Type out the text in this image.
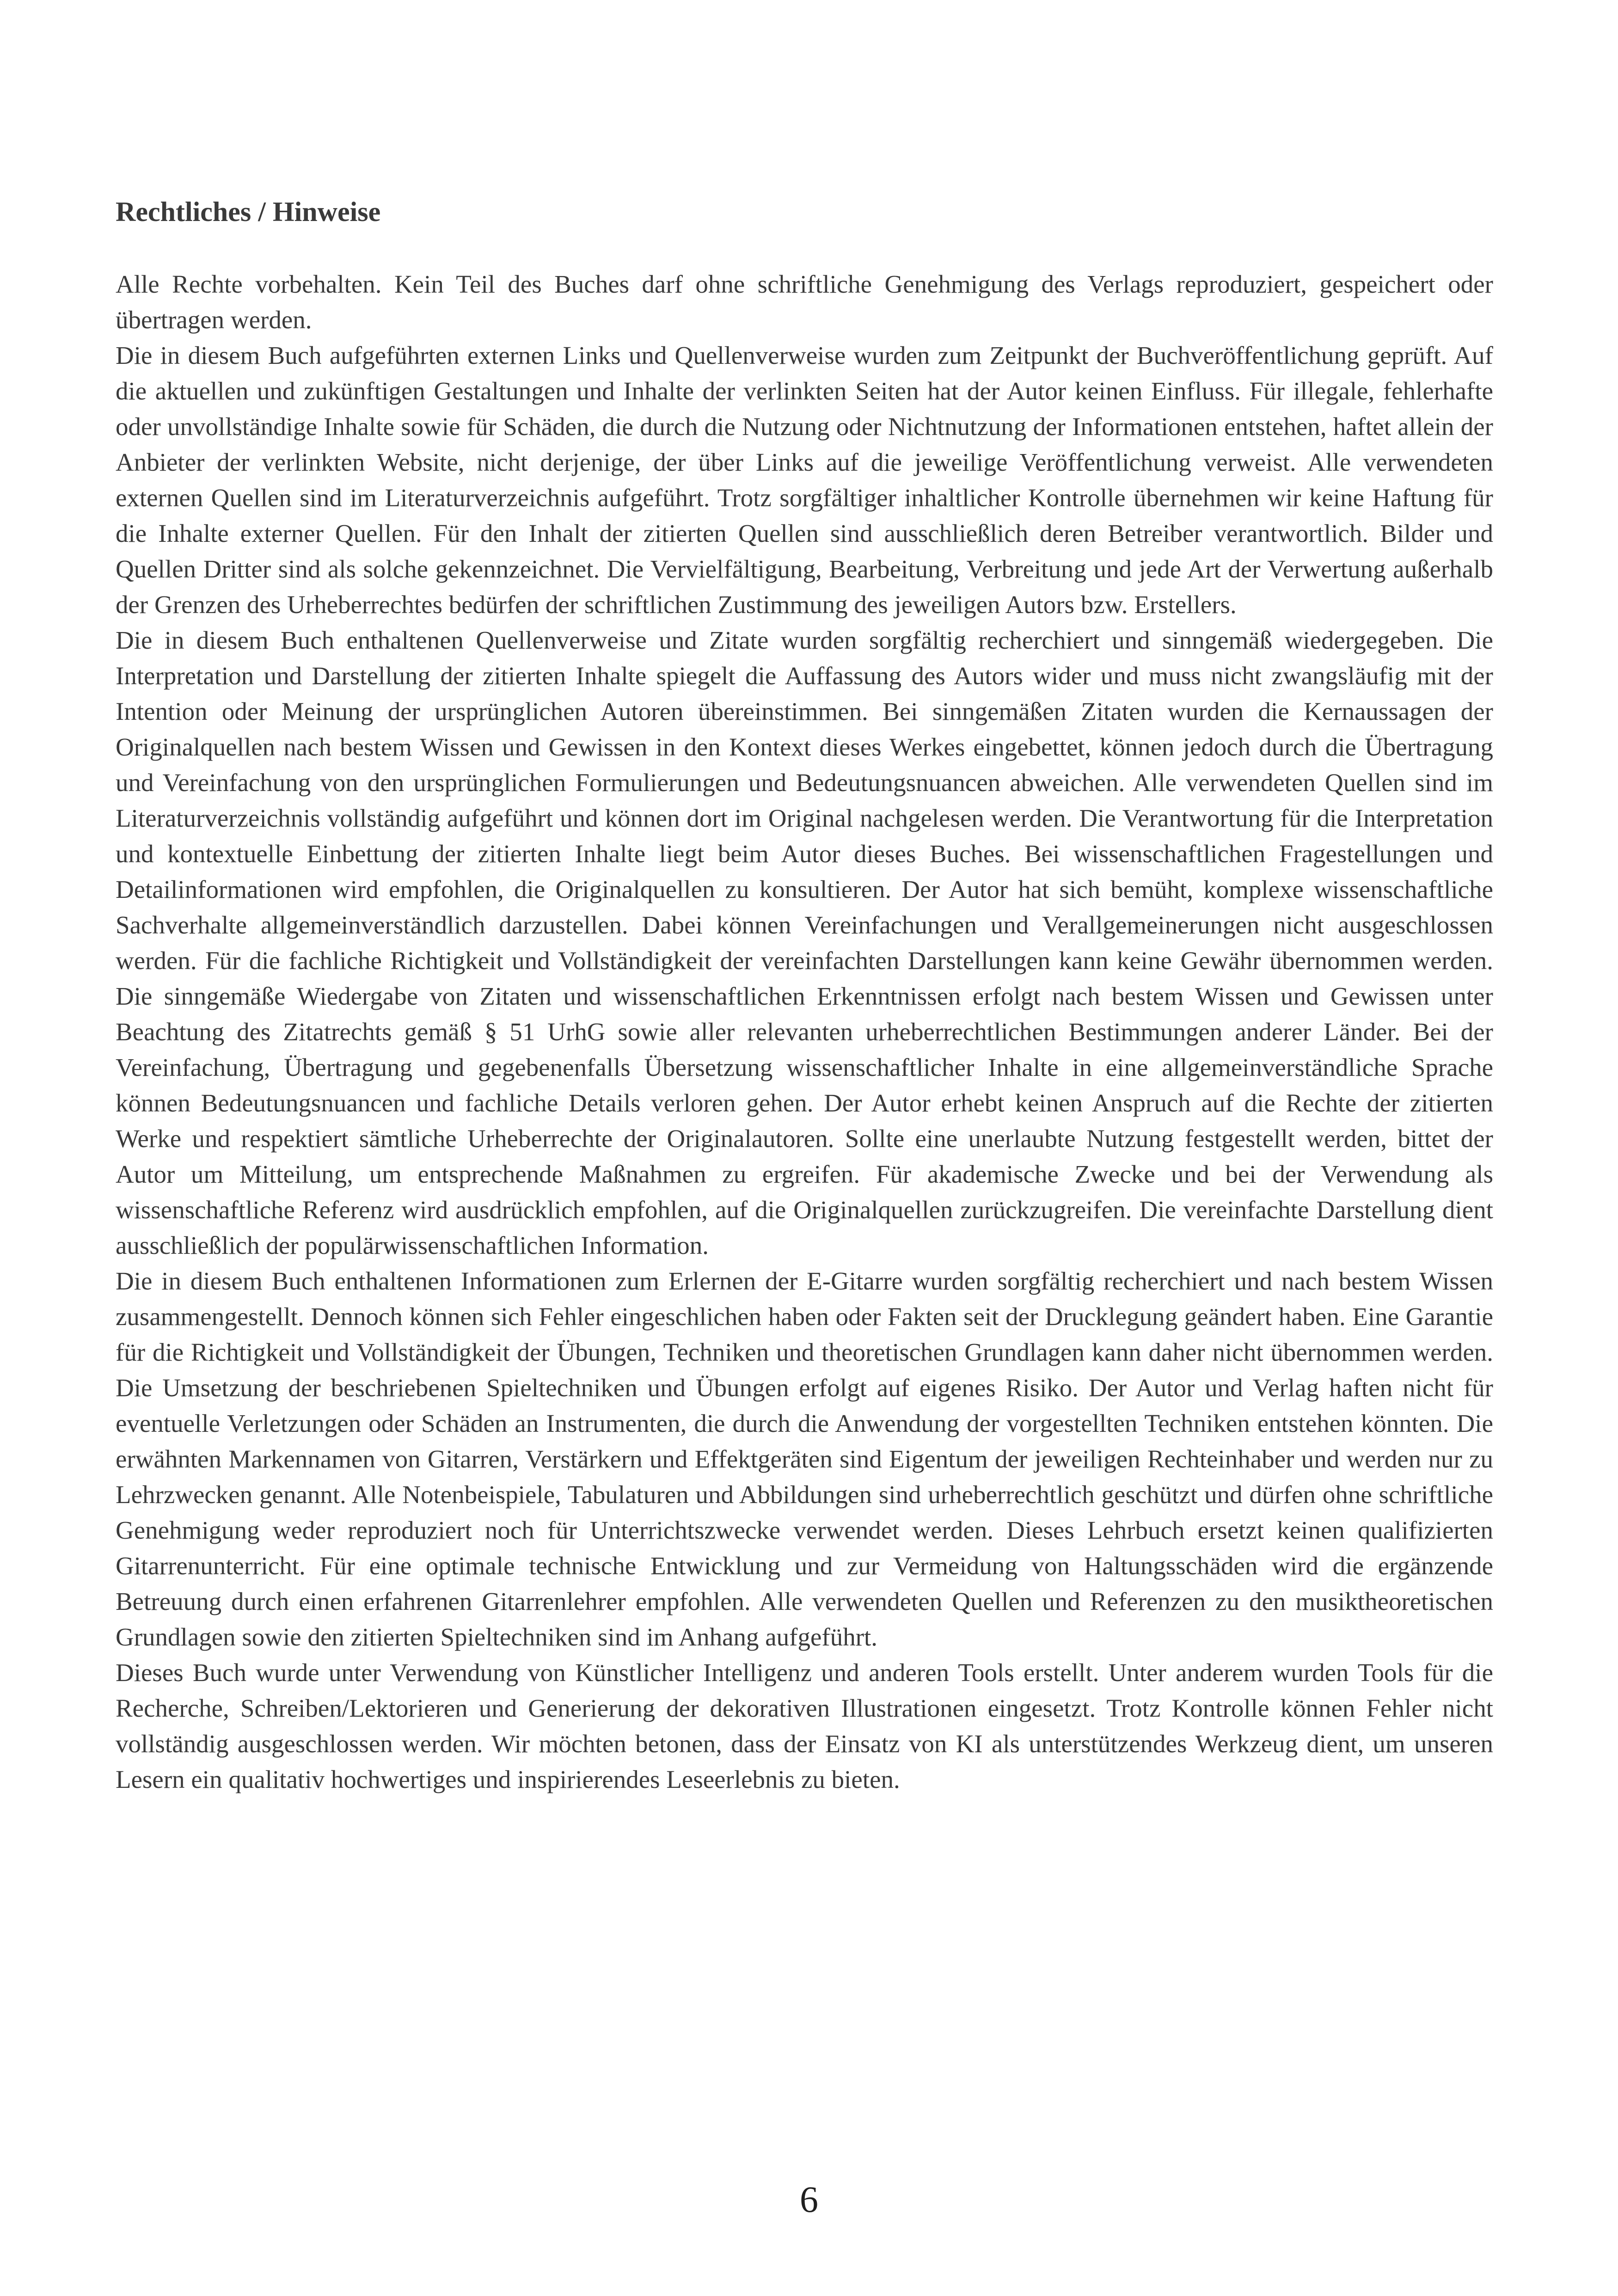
Rechtliches / Hinweise

Alle Rechte vorbehalten. Kein Teil des Buches darf ohne schriftliche Genehmigung des Verlags reproduziert, gespeichert oder übertragen werden.

Die in diesem Buch aufgeführten externen Links und Quellenverweise wurden zum Zeitpunkt der Buchveröffentlichung geprüft. Auf die aktuellen und zukünftigen Gestaltungen und Inhalte der verlinkten Seiten hat der Autor keinen Einfluss. Für illegale, fehlerhafte oder unvollständige Inhalte sowie für Schäden, die durch die Nutzung oder Nichtnutzung der Informationen entstehen, haftet allein der Anbieter der verlinkten Website, nicht derjenige, der über Links auf die jeweilige Veröffentlichung verweist. Alle verwendeten externen Quellen sind im Literaturverzeichnis aufgeführt. Trotz sorgfältiger inhaltlicher Kontrolle übernehmen wir keine Haftung für die Inhalte externer Quellen. Für den Inhalt der zitierten Quellen sind ausschließlich deren Betreiber verantwortlich. Bilder und Quellen Dritter sind als solche gekennzeichnet. Die Vervielfältigung, Bearbeitung, Verbreitung und jede Art der Verwertung außerhalb der Grenzen des Urheberrechtes bedürfen der schriftlichen Zustimmung des jeweiligen Autors bzw. Erstellers.

Die in diesem Buch enthaltenen Quellenverweise und Zitate wurden sorgfältig recherchiert und sinngemäß wiedergegeben. Die Interpretation und Darstellung der zitierten Inhalte spiegelt die Auffassung des Autors wider und muss nicht zwangsläufig mit der Intention oder Meinung der ursprünglichen Autoren übereinstimmen. Bei sinngemäßen Zitaten wurden die Kernaussagen der Originalquellen nach bestem Wissen und Gewissen in den Kontext dieses Werkes eingebettet, können jedoch durch die Übertragung und Vereinfachung von den ursprünglichen Formulierungen und Bedeutungsnuancen abweichen. Alle verwendeten Quellen sind im Literaturverzeichnis vollständig aufgeführt und können dort im Original nachgelesen werden. Die Verantwortung für die Interpretation und kontextuelle Einbettung der zitierten Inhalte liegt beim Autor dieses Buches. Bei wissenschaftlichen Fragestellungen und Detailinformationen wird empfohlen, die Originalquellen zu konsultieren. Der Autor hat sich bemüht, komplexe wissenschaftliche Sachverhalte allgemeinverständlich darzustellen. Dabei können Vereinfachungen und Verallgemeinerungen nicht ausgeschlossen werden. Für die fachliche Richtigkeit und Vollständigkeit der vereinfachten Darstellungen kann keine Gewähr übernommen werden. Die sinngemäße Wiedergabe von Zitaten und wissenschaftlichen Erkenntnissen erfolgt nach bestem Wissen und Gewissen unter Beachtung des Zitatrechts gemäß § 51 UrhG sowie aller relevanten urheberrechtlichen Bestimmungen anderer Länder. Bei der Vereinfachung, Übertragung und gegebenenfalls Übersetzung wissenschaftlicher Inhalte in eine allgemeinverständliche Sprache können Bedeutungsnuancen und fachliche Details verloren gehen. Der Autor erhebt keinen Anspruch auf die Rechte der zitierten Werke und respektiert sämtliche Urheberrechte der Originalautoren. Sollte eine unerlaubte Nutzung festgestellt werden, bittet der Autor um Mitteilung, um entsprechende Maßnahmen zu ergreifen. Für akademische Zwecke und bei der Verwendung als wissenschaftliche Referenz wird ausdrücklich empfohlen, auf die Originalquellen zurückzugreifen. Die vereinfachte Darstellung dient ausschließlich der populärwissenschaftlichen Information.

Die in diesem Buch enthaltenen Informationen zum Erlernen der E-Gitarre wurden sorgfältig recherchiert und nach bestem Wissen zusammengestellt. Dennoch können sich Fehler eingeschlichen haben oder Fakten seit der Drucklegung geändert haben. Eine Garantie für die Richtigkeit und Vollständigkeit der Übungen, Techniken und theoretischen Grundlagen kann daher nicht übernommen werden. Die Umsetzung der beschriebenen Spieltechniken und Übungen erfolgt auf eigenes Risiko. Der Autor und Verlag haften nicht für eventuelle Verletzungen oder Schäden an Instrumenten, die durch die Anwendung der vorgestellten Techniken entstehen könnten. Die erwähnten Markennamen von Gitarren, Verstärkern und Effektgeräten sind Eigentum der jeweiligen Rechteinhaber und werden nur zu Lehrzwecken genannt. Alle Notenbeispiele, Tabulaturen und Abbildungen sind urheberrechtlich geschützt und dürfen ohne schriftliche Genehmigung weder reproduziert noch für Unterrichtszwecke verwendet werden. Dieses Lehrbuch ersetzt keinen qualifizierten Gitarrenunterricht. Für eine optimale technische Entwicklung und zur Vermeidung von Haltungsschäden wird die ergänzende Betreuung durch einen erfahrenen Gitarrenlehrer empfohlen. Alle verwendeten Quellen und Referenzen zu den musiktheoretischen Grundlagen sowie den zitierten Spieltechniken sind im Anhang aufgeführt.

Dieses Buch wurde unter Verwendung von Künstlicher Intelligenz und anderen Tools erstellt. Unter anderem wurden Tools für die Recherche, Schreiben/Lektorieren und Generierung der dekorativen Illustrationen eingesetzt. Trotz Kontrolle können Fehler nicht vollständig ausgeschlossen werden. Wir möchten betonen, dass der Einsatz von KI als unterstützendes Werkzeug dient, um unseren Lesern ein qualitativ hochwertiges und inspirierendes Leseerlebnis zu bieten.

6
